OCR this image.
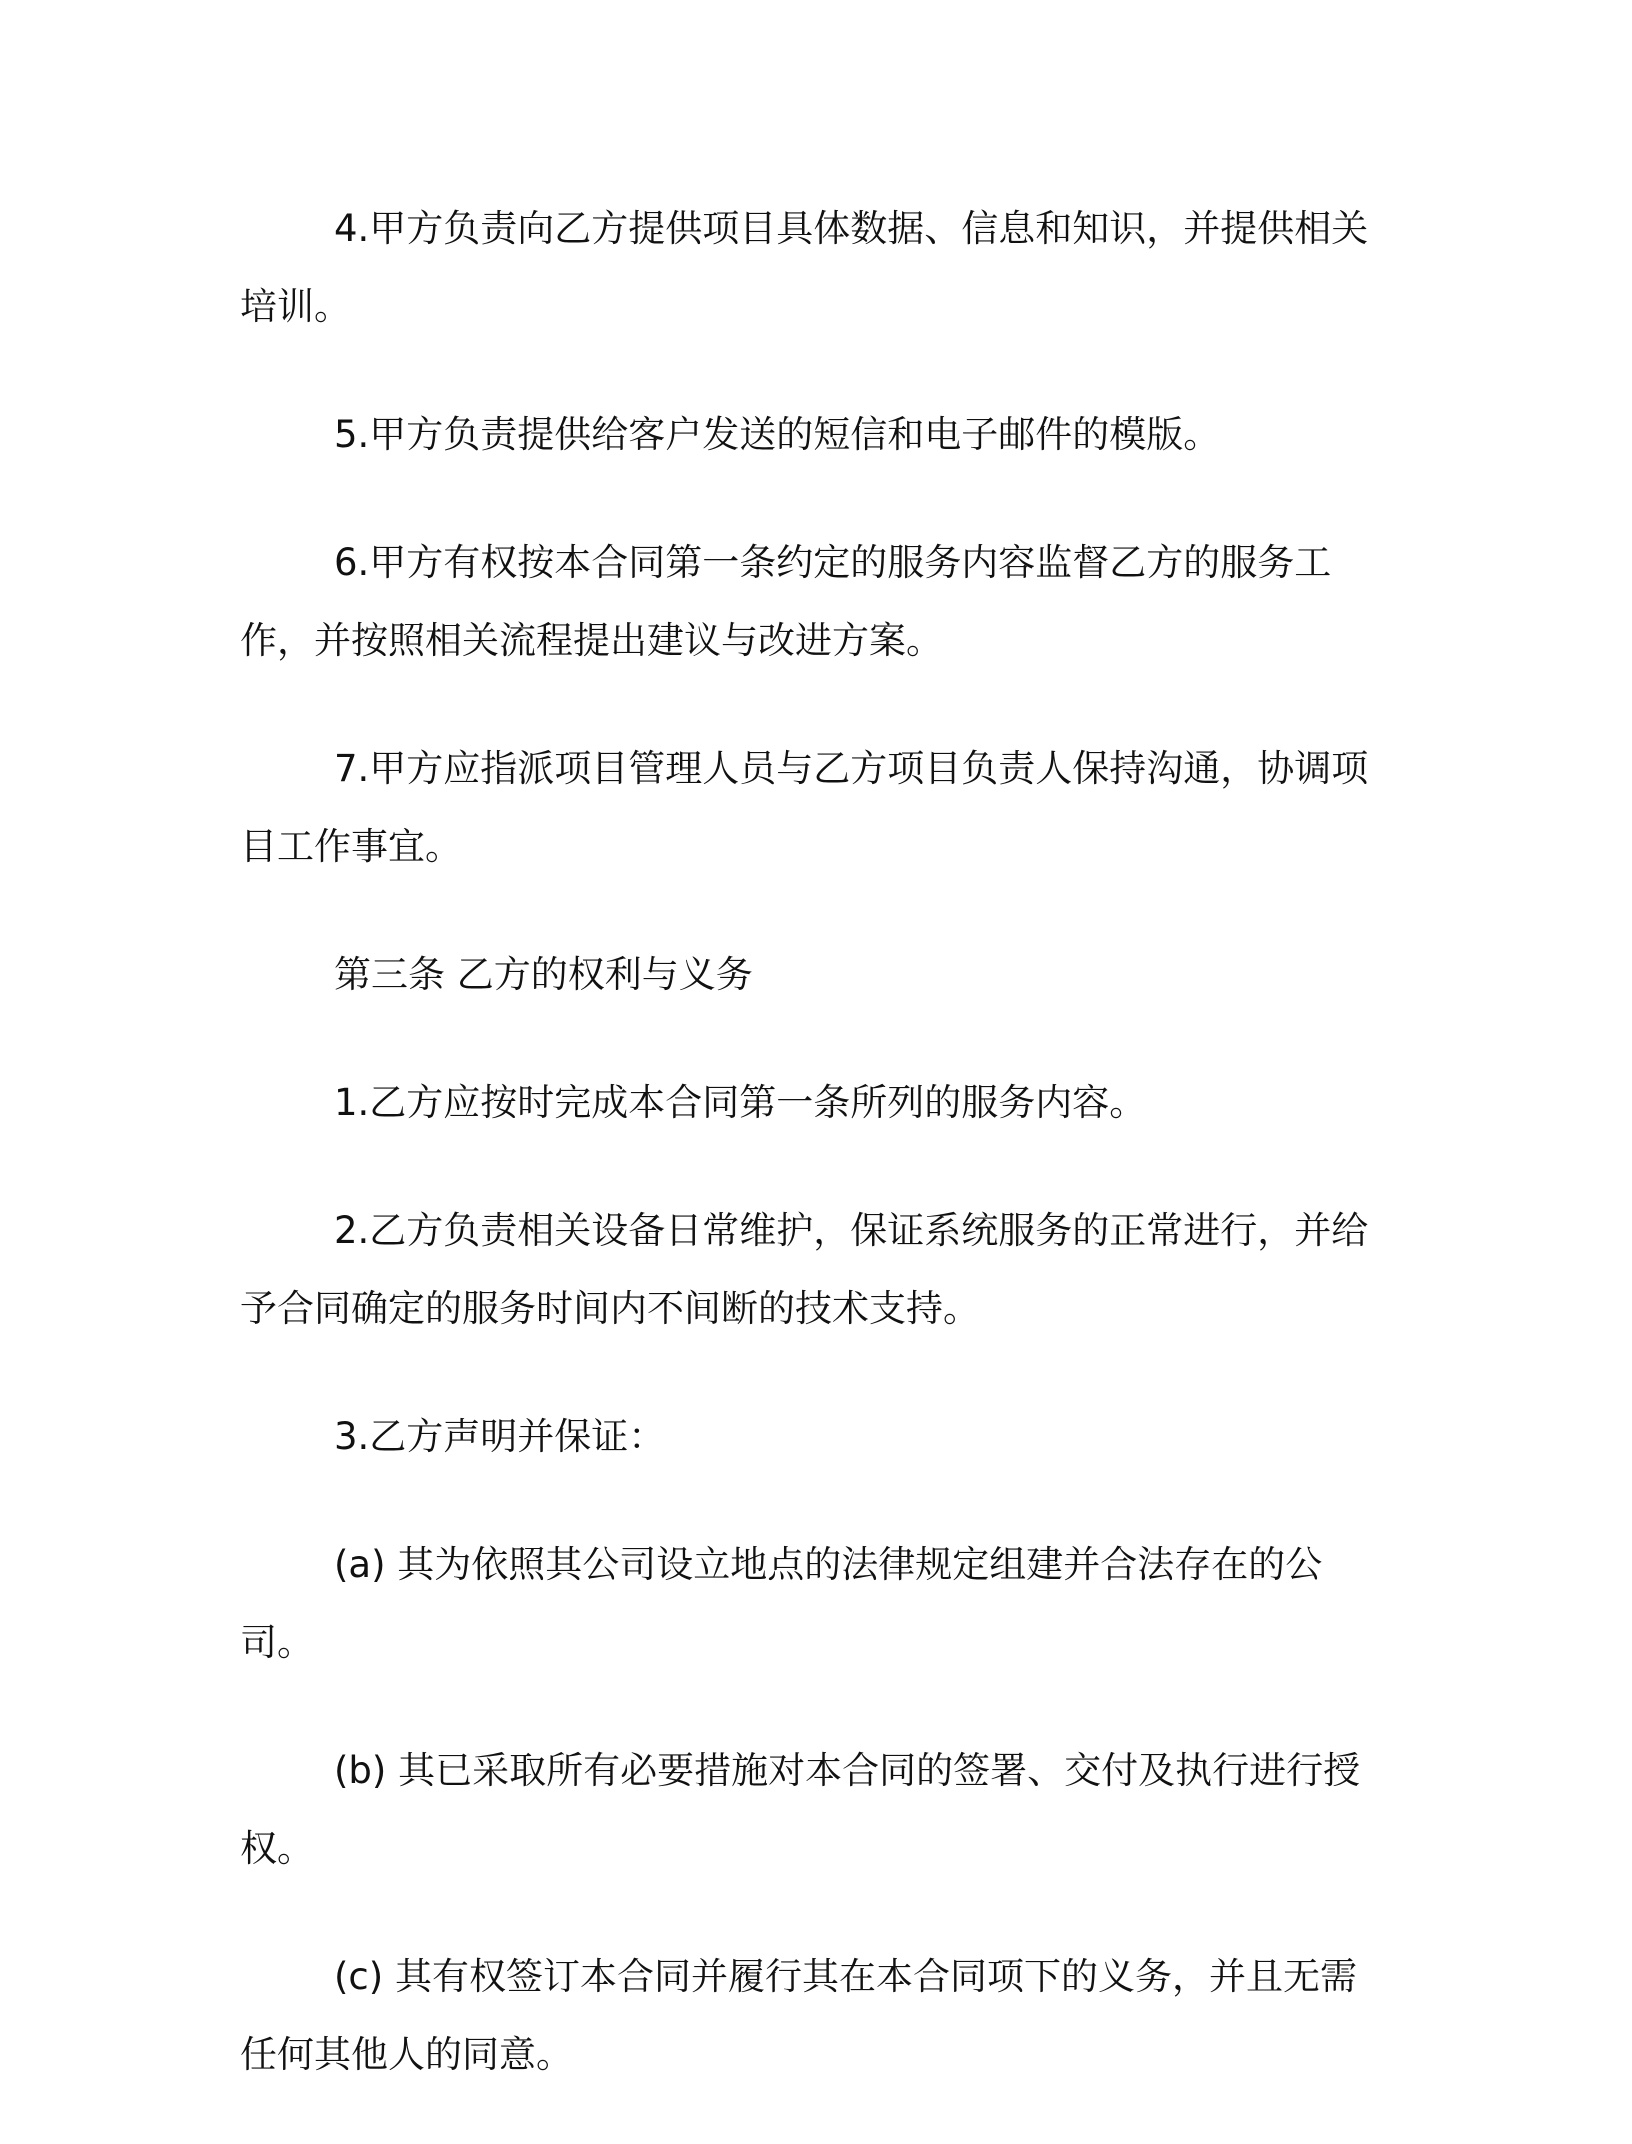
4.甲方负责向乙方提供项目具体数据、信息和知识，并提供相关培训。

5.甲方负责提供给客户发送的短信和电子邮件的模版。

6.甲方有权按本合同第一条约定的服务内容监督乙方的服务工作，并按照相关流程提出建议与改进方案。

7.甲方应指派项目管理人员与乙方项目负责人保持沟通，协调项目工作事宜。

第三条 乙方的权利与义务

1.乙方应按时完成本合同第一条所列的服务内容。

2.乙方负责相关设备日常维护，保证系统服务的正常进行，并给予合同确定的服务时间内不间断的技术支持。

3.乙方声明并保证：

(a) 其为依照其公司设立地点的法律规定组建并合法存在的公司。

(b) 其已采取所有必要措施对本合同的签署、交付及执行进行授权。

(c) 其有权签订本合同并履行其在本合同项下的义务，并且无需任何其他人的同意。
